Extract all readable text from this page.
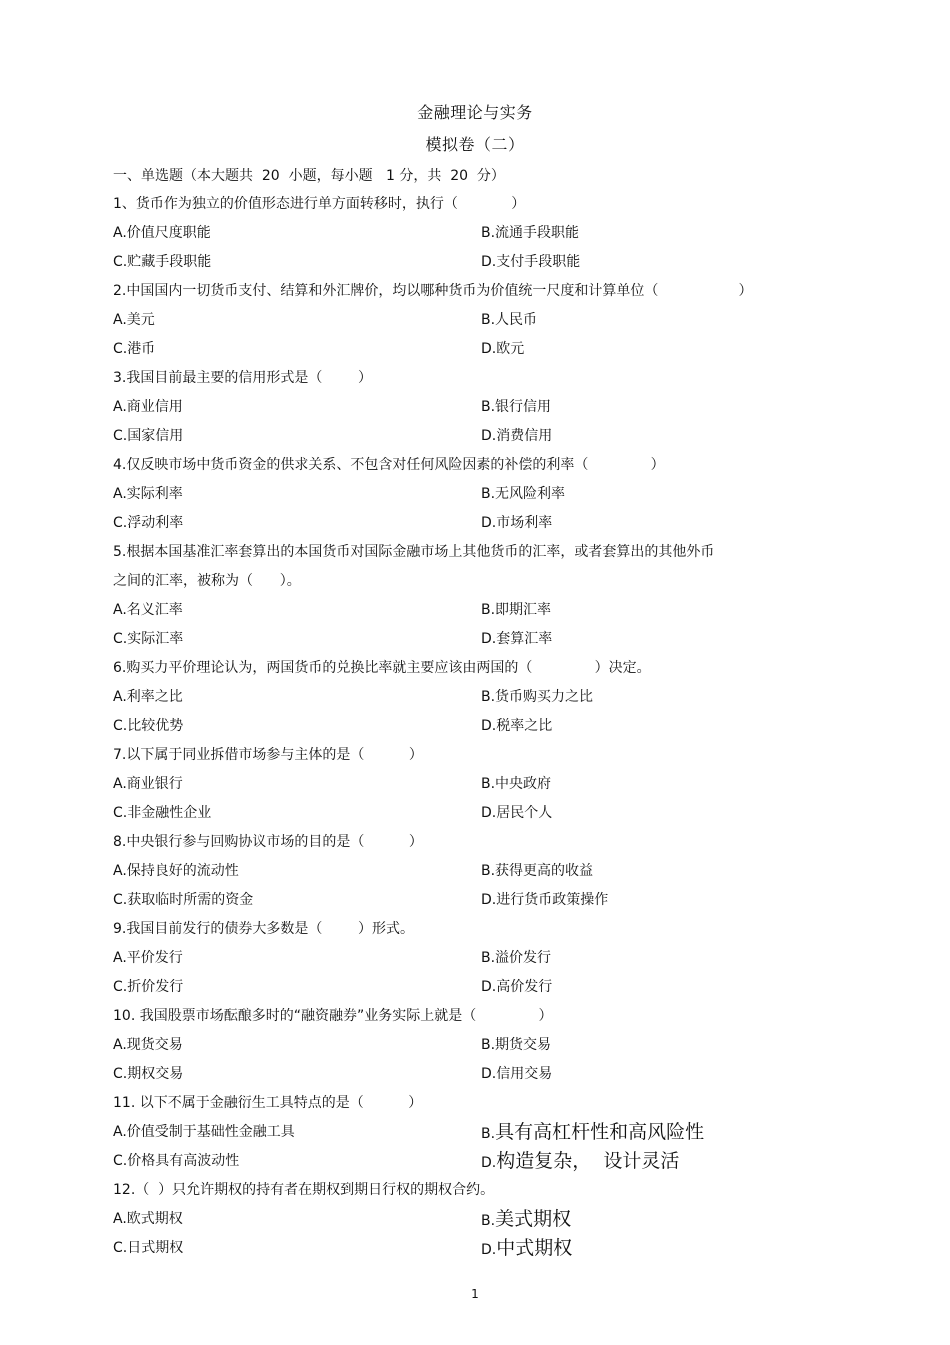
金融理论与实务
模拟卷（二）
一、单选题（本大题共  20  小题，每小题   1 分，共  20  分）
1、货币作为独立的价值形态进行单方面转移时，执行（            ）
A.价值尺度职能	B.流通手段职能
C.贮藏手段职能	D.支付手段职能
2.中国国内一切货币支付、结算和外汇牌价，均以哪种货币为价值统一尺度和计算单位（                  ）
A.美元	B.人民币
C.港币	D.欧元
3.我国目前最主要的信用形式是（        ）
A.商业信用	B.银行信用
C.国家信用	D.消费信用
4.仅反映市场中货币资金的供求关系、不包含对任何风险因素的补偿的利率（              ）
A.实际利率	B.无风险利率
C.浮动利率	D.市场利率
5.根据本国基准汇率套算出的本国货币对国际金融市场上其他货币的汇率，或者套算出的其他外币
之间的汇率，被称为（      ）。
A.名义汇率	B.即期汇率
C.实际汇率	D.套算汇率
6.购买力平价理论认为，两国货币的兑换比率就主要应该由两国的（              ）决定。
A.利率之比	B.货币购买力之比
C.比较优势	D.税率之比
7.以下属于同业拆借市场参与主体的是（          ）
A.商业银行	B.中央政府
C.非金融性企业	D.居民个人
8.中央银行参与回购协议市场的目的是（          ）
A.保持良好的流动性	B.获得更高的收益
C.获取临时所需的资金	D.进行货币政策操作
9.我国目前发行的债券大多数是（        ）形式。
A.平价发行	B.溢价发行
C.折价发行	D.高价发行
10. 我国股票市场酝酿多时的“融资融券”业务实际上就是（              ）
A.现货交易	B.期货交易
C.期权交易	D.信用交易
11. 以下不属于金融衍生工具特点的是（          ）
A.价值受制于基础性金融工具	B.具有高杠杆性和高风险性
C.价格具有高波动性	D.构造复杂，  设计灵活
12.（  ）只允许期权的持有者在期权到期日行权的期权合约。
A.欧式期权	B.美式期权
C.日式期权	D.中式期权
1
